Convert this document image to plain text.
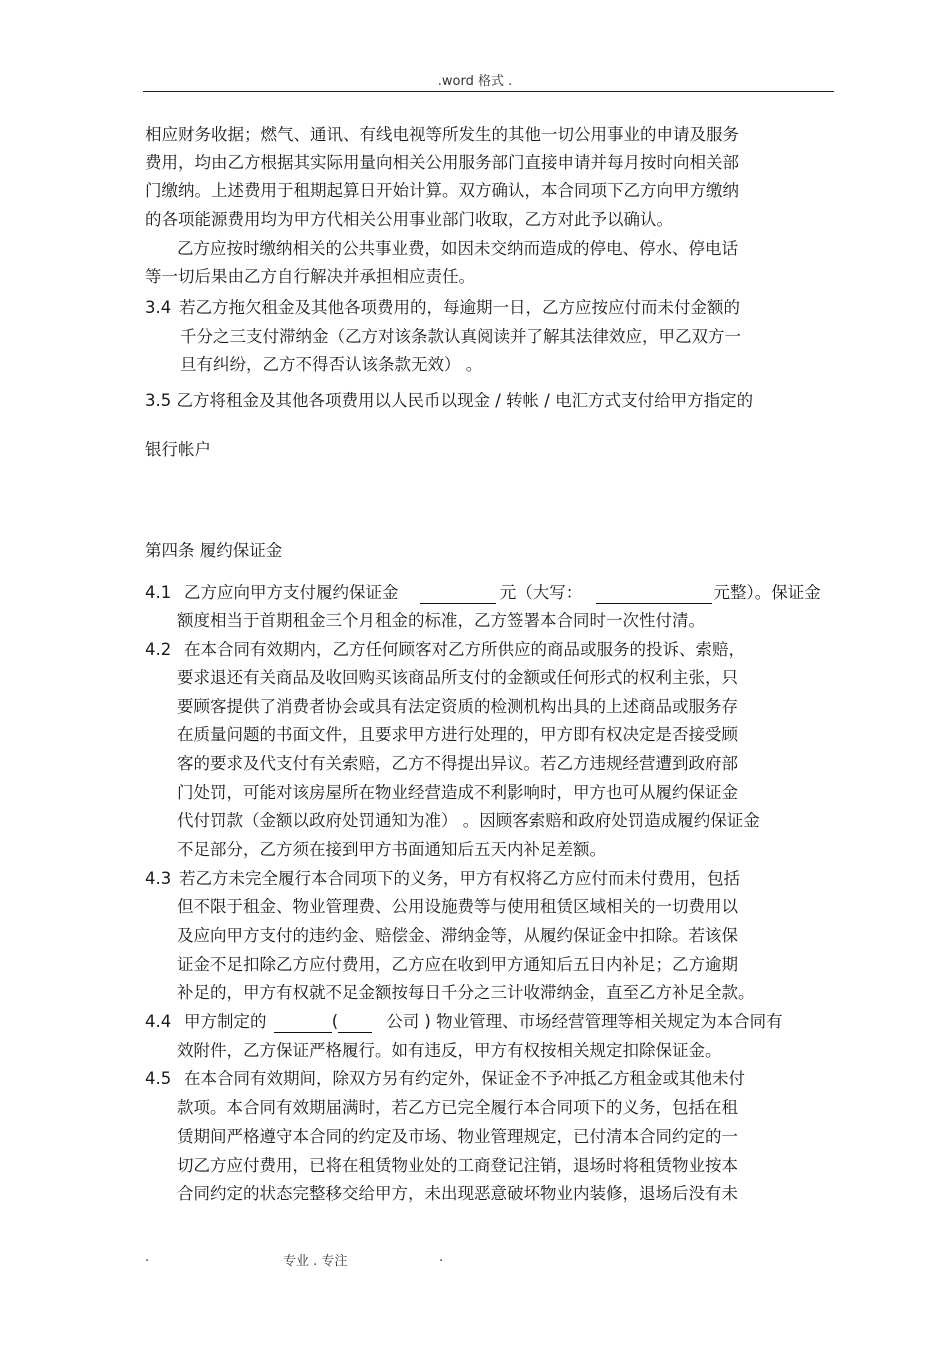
.word 格式 .
相应财务收据；燃气、通讯、有线电视等所发生的其他一切公用事业的申请及服务
费用，均由乙方根据其实际用量向相关公用服务部门直接申请并每月按时向相关部
门缴纳。上述费用于租期起算日开始计算。双方确认，本合同项下乙方向甲方缴纳
的各项能源费用均为甲方代相关公用事业部门收取，乙方对此予以确认。
乙方应按时缴纳相关的公共事业费，如因未交纳而造成的停电、停水、停电话
等一切后果由乙方自行解决并承担相应责任。
3.4 若乙方拖欠租金及其他各项费用的，每逾期一日，乙方应按应付而未付金额的
千分之三支付滞纳金（乙方对该条款认真阅读并了解其法律效应，甲乙双方一
旦有纠纷，乙方不得否认该条款无效） 。
3.5 乙方将租金及其他各项费用以人民币以现金 / 转帐 / 电汇方式支付给甲方指定的
银行帐户
第四条 履约保证金
4.1 乙方应向甲方支付履约保证金	元（大写：	元整）。保证金
额度相当于首期租金三个月租金的标准，乙方签署本合同时一次性付清。
4.2 在本合同有效期内，乙方任何顾客对乙方所供应的商品或服务的投诉、索赔，
要求退还有关商品及收回购买该商品所支付的金额或任何形式的权利主张，只
要顾客提供了消费者协会或具有法定资质的检测机构出具的上述商品或服务存
在质量问题的书面文件，且要求甲方进行处理的，甲方即有权决定是否接受顾
客的要求及代支付有关索赔，乙方不得提出异议。若乙方违规经营遭到政府部
门处罚，可能对该房屋所在物业经营造成不利影响时，甲方也可从履约保证金
代付罚款（金额以政府处罚通知为准） 。因顾客索赔和政府处罚造成履约保证金
不足部分，乙方须在接到甲方书面通知后五天内补足差额。
4.3 若乙方未完全履行本合同项下的义务，甲方有权将乙方应付而未付费用，包括
但不限于租金、物业管理费、公用设施费等与使用租赁区域相关的一切费用以
及应向甲方支付的违约金、赔偿金、滞纳金等，从履约保证金中扣除。若该保
证金不足扣除乙方应付费用，乙方应在收到甲方通知后五日内补足；乙方逾期
补足的，甲方有权就不足金额按每日千分之三计收滞纳金，直至乙方补足全款。
4.4 甲方制定的	(	公司 ) 物业管理、市场经营管理等相关规定为本合同有
效附件，乙方保证严格履行。如有违反，甲方有权按相关规定扣除保证金。
4.5 在本合同有效期间，除双方另有约定外，保证金不予冲抵乙方租金或其他未付
款项。本合同有效期届满时，若乙方已完全履行本合同项下的义务，包括在租
赁期间严格遵守本合同的约定及市场、物业管理规定，已付清本合同约定的一
切乙方应付费用，已将在租赁物业处的工商登记注销，退场时将租赁物业按本
合同约定的状态完整移交给甲方，未出现恶意破坏物业内装修，退场后没有未
.	专业 . 专注	.
